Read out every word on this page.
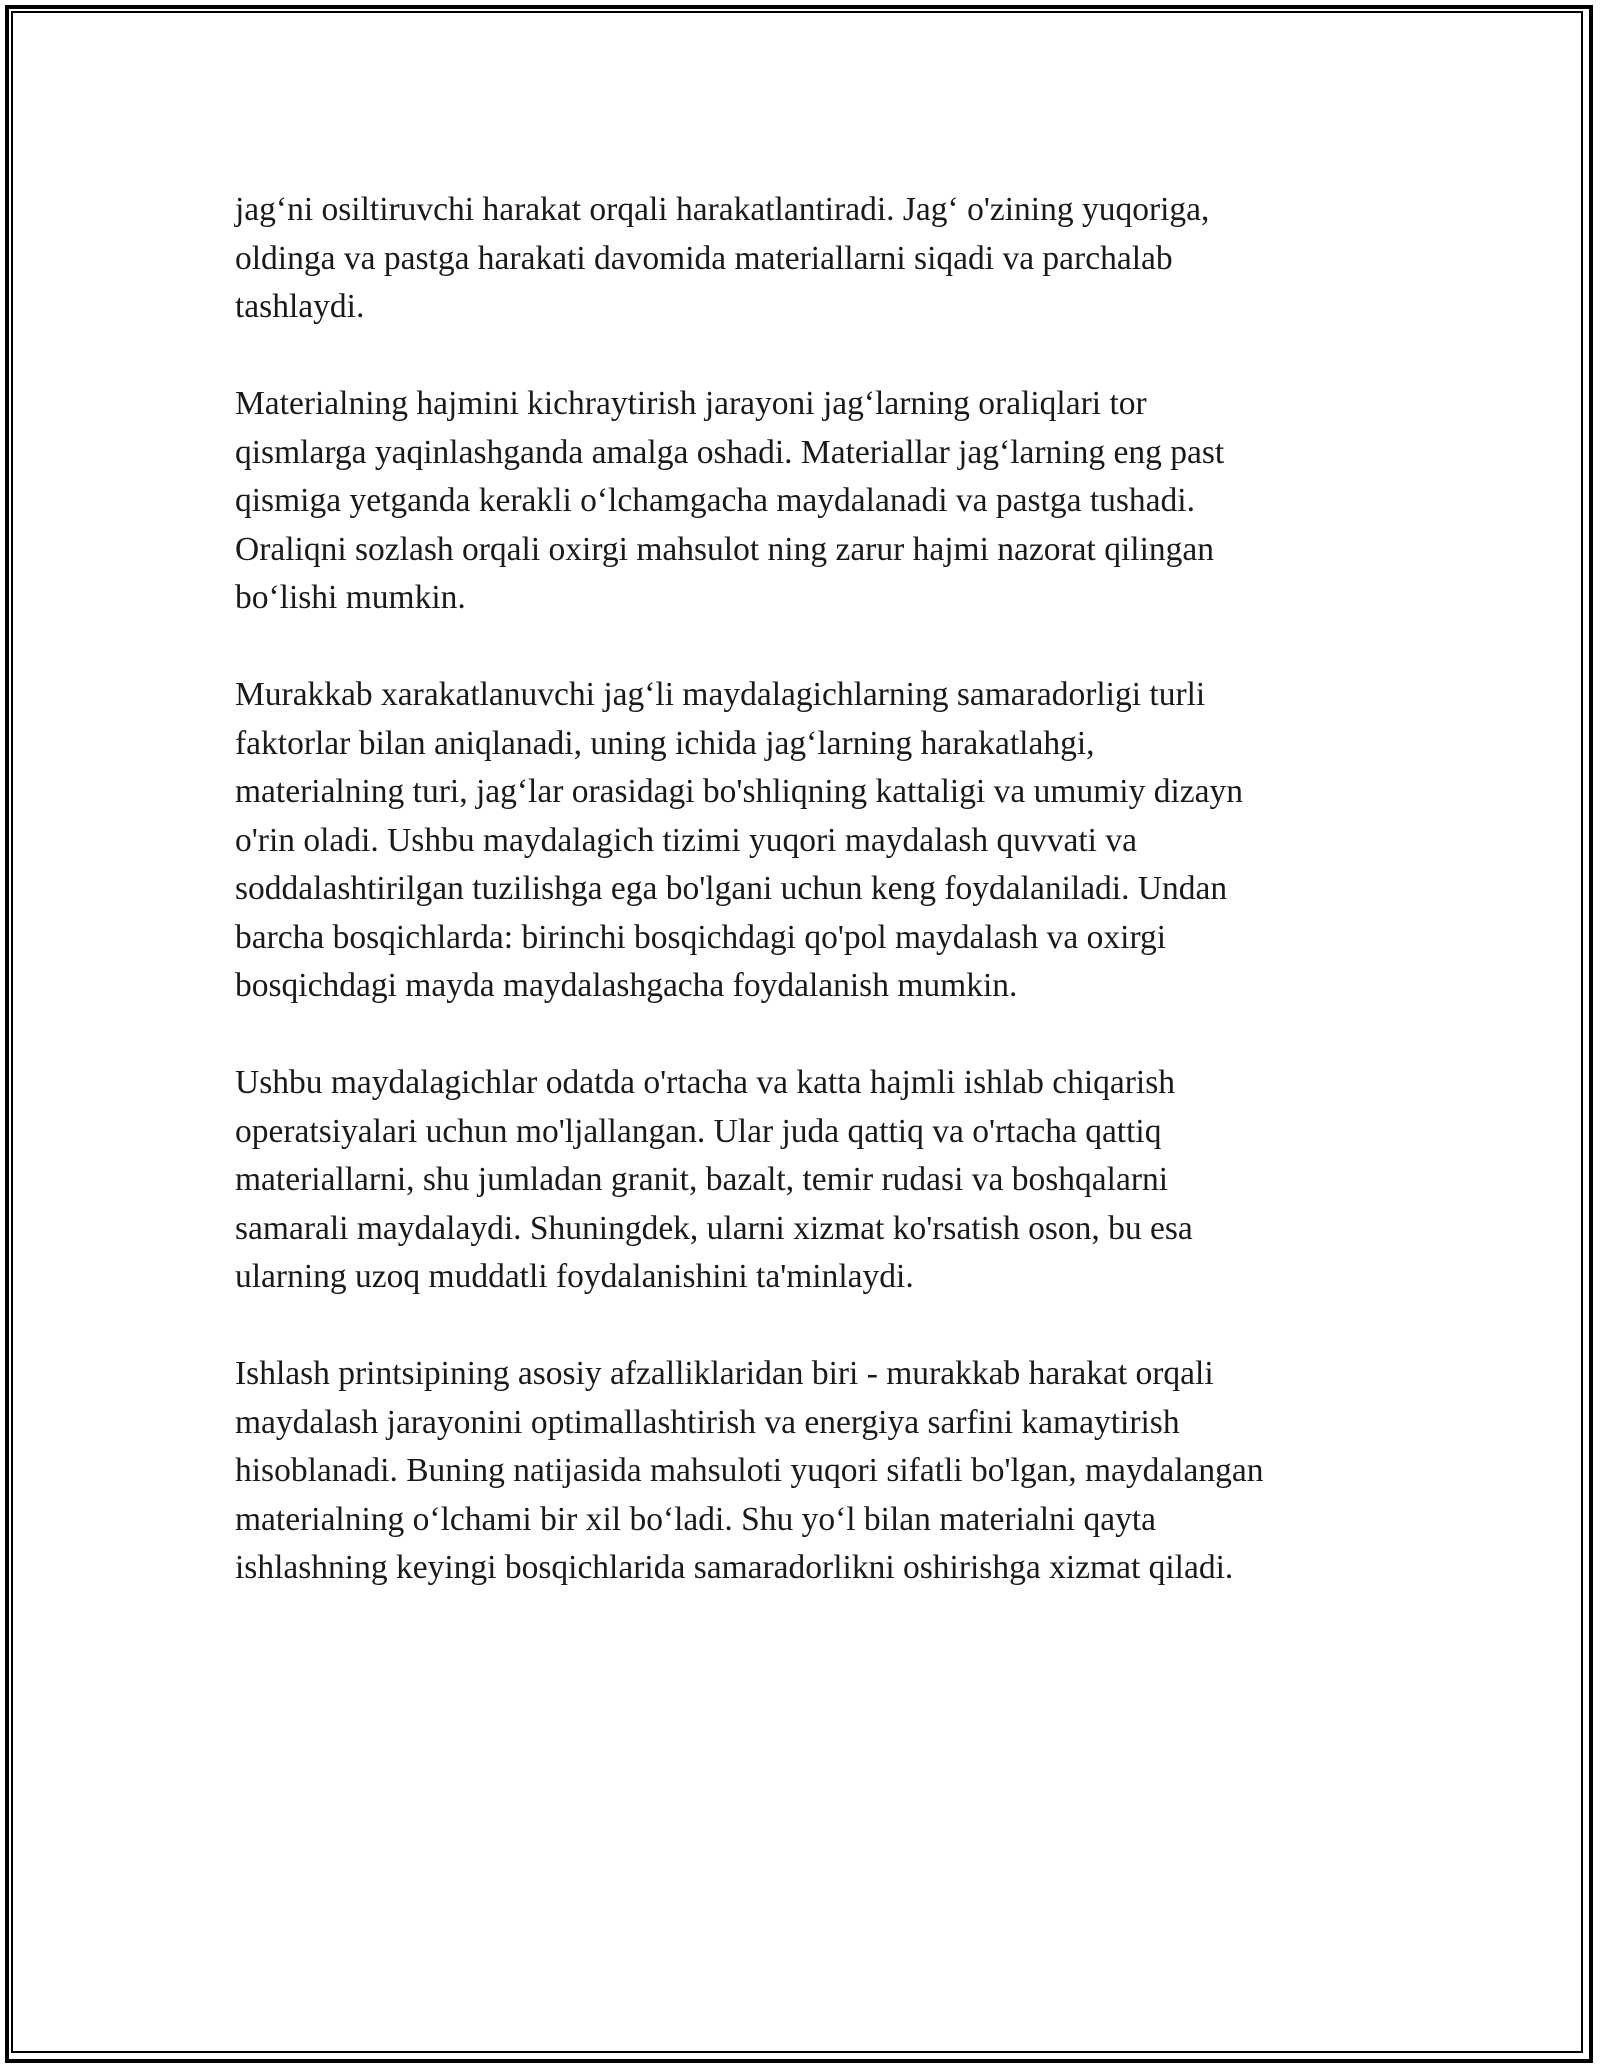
jag‘ni osiltiruvchi harakat orqali harakatlantiradi. Jag‘ o'zining yuqoriga,
oldinga va pastga harakati davomida materiallarni siqadi va parchalab
tashlaydi.

Materialning hajmini kichraytirish jarayoni jag‘larning oraliqlari tor
qismlarga yaqinlashganda amalga oshadi. Materiallar jag‘larning eng past
qismiga yetganda kerakli o‘lchamgacha maydalanadi va pastga tushadi.
Oraliqni sozlash orqali oxirgi mahsulot ning zarur hajmi nazorat qilingan
bo‘lishi mumkin.

Murakkab xarakatlanuvchi jag‘li maydalagichlarning samaradorligi turli
faktorlar bilan aniqlanadi, uning ichida jag‘larning harakatlahgi,
materialning turi, jag‘lar orasidagi bo'shliqning kattaligi va umumiy dizayn
o'rin oladi. Ushbu maydalagich tizimi yuqori maydalash quvvati va
soddalashtirilgan tuzilishga ega bo'lgani uchun keng foydalaniladi. Undan
barcha bosqichlarda: birinchi bosqichdagi qo'pol maydalash va oxirgi
bosqichdagi mayda maydalashgacha foydalanish mumkin.

Ushbu maydalagichlar odatda o'rtacha va katta hajmli ishlab chiqarish
operatsiyalari uchun mo'ljallangan. Ular juda qattiq va o'rtacha qattiq
materiallarni, shu jumladan granit, bazalt, temir rudasi va boshqalarni
samarali maydalaydi. Shuningdek, ularni xizmat ko'rsatish oson, bu esa
ularning uzoq muddatli foydalanishini ta'minlaydi.

Ishlash printsipining asosiy afzalliklaridan biri - murakkab harakat orqali
maydalash jarayonini optimallashtirish va energiya sarfini kamaytirish
hisoblanadi. Buning natijasida mahsuloti yuqori sifatli bo'lgan, maydalangan
materialning o‘lchami bir xil bo‘ladi. Shu yo‘l bilan materialni qayta
ishlashning keyingi bosqichlarida samaradorlikni oshirishga xizmat qiladi.
